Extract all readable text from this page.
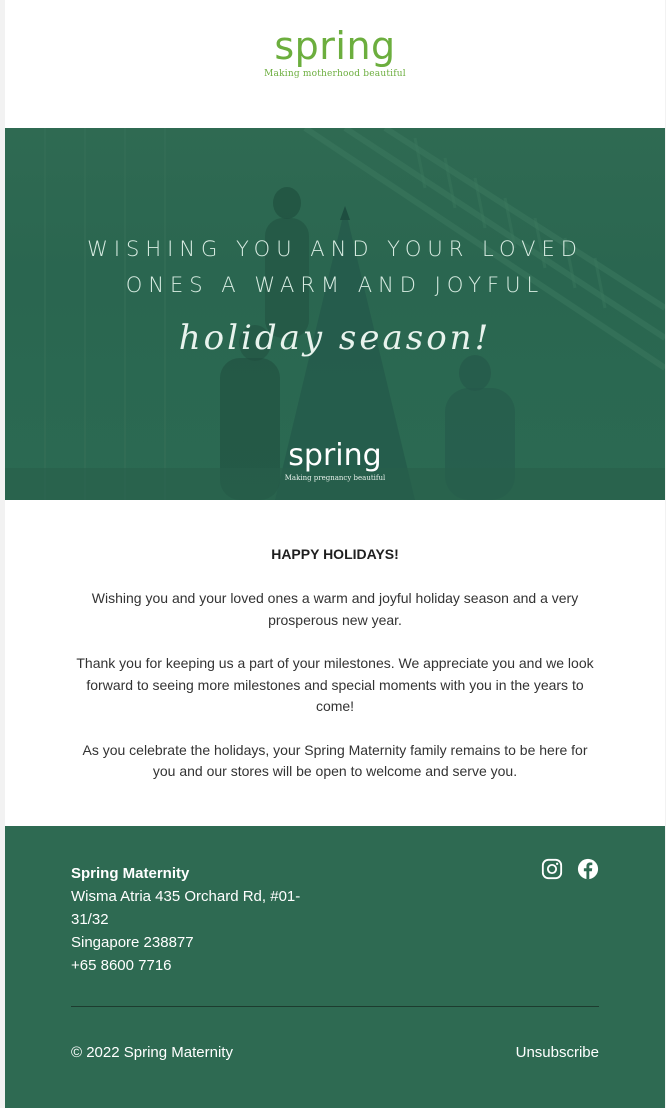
spring
Making motherhood beautiful
WISHING YOU AND YOUR LOVED
ONES A WARM AND JOYFUL
holiday season!
spring
Making pregnancy beautiful
HAPPY HOLIDAYS!

Wishing you and your loved ones a warm and joyful holiday season and a very prosperous new year.

Thank you for keeping us a part of your milestones. We appreciate you and we look forward to seeing more milestones and special moments with you in the years to come!

As you celebrate the holidays, your Spring Maternity family remains to be here for you and our stores will be open to welcome and serve you.

Spring Maternity
Wisma Atria 435 Orchard Rd, #01-31/32
Singapore 238877
+65 8600 7716
© 2022 Spring Maternity	Unsubscribe
